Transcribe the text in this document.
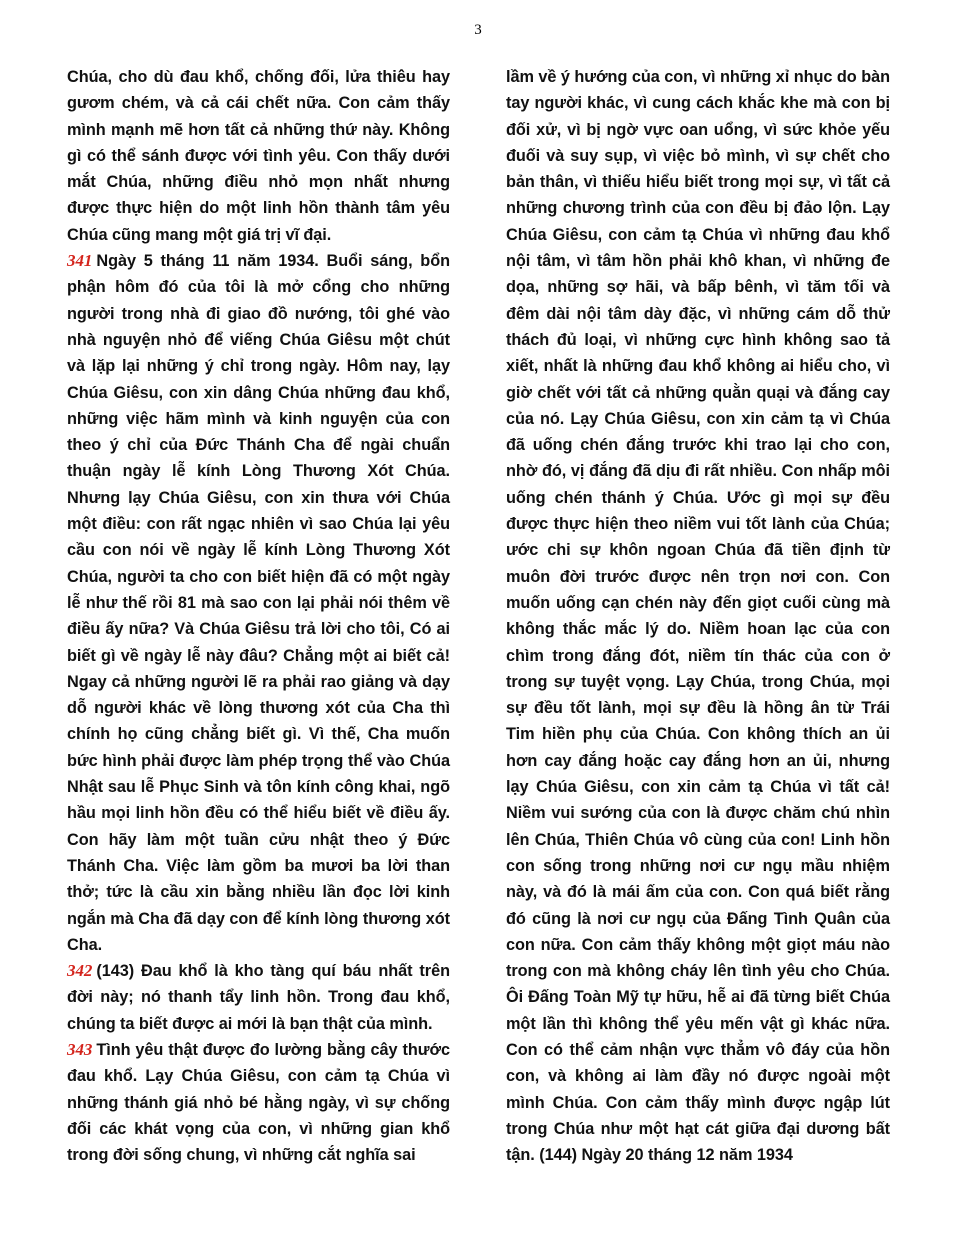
3

Chúa, cho dù đau khổ, chống đối, lửa thiêu hay gươm chém, và cả cái chết nữa. Con cảm thấy mình mạnh mẽ hơn tất cả những thứ này. Không gì có thể sánh được với tình yêu. Con thấy dưới mắt Chúa, những điều nhỏ mọn nhất nhưng được thực hiện do một linh hồn thành tâm yêu Chúa cũng mang một giá trị vĩ đại.

341 Ngày 5 tháng 11 năm 1934. Buổi sáng, bổn phận hôm đó của tôi là mở cổng cho những người trong nhà đi giao đồ nướng, tôi ghé vào nhà nguyện nhỏ để viếng Chúa Giêsu một chút và lặp lại những ý chỉ trong ngày. Hôm nay, lạy Chúa Giêsu, con xin dâng Chúa những đau khổ, những việc hãm mình và kinh nguyện của con theo ý chỉ của Đức Thánh Cha để ngài chuẩn thuận ngày lễ kính Lòng Thương Xót Chúa. Nhưng lạy Chúa Giêsu, con xin thưa với Chúa một điều: con rất ngạc nhiên vì sao Chúa lại yêu cầu con nói về ngày lễ kính Lòng Thương Xót Chúa, người ta cho con biết hiện đã có một ngày lễ như thế rồi 81 mà sao con lại phải nói thêm về điều ấy nữa? Và Chúa Giêsu trả lời cho tôi, Có ai biết gì về ngày lễ này đâu? Chẳng một ai biết cả! Ngay cả những người lẽ ra phải rao giảng và dạy dỗ người khác về lòng thương xót của Cha thì chính họ cũng chẳng biết gì. Vì thế, Cha muốn bức hình phải được làm phép trọng thể vào Chúa Nhật sau lễ Phục Sinh và tôn kính công khai, ngõ hầu mọi linh hồn đều có thể hiểu biết về điều ấy. Con hãy làm một tuần cửu nhật theo ý Đức Thánh Cha. Việc làm gồm ba mươi ba lời than thở; tức là cầu xin bằng nhiều lần đọc lời kinh ngắn mà Cha đã dạy con để kính lòng thương xót Cha.

342 (143) Đau khổ là kho tàng quí báu nhất trên đời này; nó thanh tẩy linh hồn. Trong đau khổ, chúng ta biết được ai mới là bạn thật của mình.

343 Tình yêu thật được đo lường bằng cây thước đau khổ. Lạy Chúa Giêsu, con cảm tạ Chúa vì những thánh giá nhỏ bé hằng ngày, vì sự chống đối các khát vọng của con, vì những gian khổ trong đời sống chung, vì những cắt nghĩa sai

lầm về ý hướng của con, vì những xỉ nhục do bàn tay người khác, vì cung cách khắc khe mà con bị đối xử, vì bị ngờ vực oan uổng, vì sức khỏe yếu đuối và suy sụp, vì việc bỏ mình, vì sự chết cho bản thân, vì thiếu hiểu biết trong mọi sự, vì tất cả những chương trình của con đều bị đảo lộn. Lạy Chúa Giêsu, con cảm tạ Chúa vì những đau khổ nội tâm, vì tâm hồn phải khô khan, vì những đe dọa, những sợ hãi, và bấp bênh, vì tăm tối và đêm dài nội tâm dày đặc, vì những cám dỗ thử thách đủ loại, vì những cực hình không sao tả xiết, nhất là những đau khổ không ai hiểu cho, vì giờ chết với tất cả những quằn quại và đắng cay của nó. Lạy Chúa Giêsu, con xin cảm tạ vì Chúa đã uống chén đắng trước khi trao lại cho con, nhờ đó, vị đắng đã dịu đi rất nhiều. Con nhấp môi uống chén thánh ý Chúa. Ước gì mọi sự đều được thực hiện theo niềm vui tốt lành của Chúa; ước chi sự khôn ngoan Chúa đã tiền định từ muôn đời trước được nên trọn nơi con. Con muốn uống cạn chén này đến giọt cuối cùng mà không thắc mắc lý do. Niềm hoan lạc của con chìm trong đắng đót, niềm tín thác của con ở trong sự tuyệt vọng. Lạy Chúa, trong Chúa, mọi sự đều tốt lành, mọi sự đều là hồng ân từ Trái Tim hiền phụ của Chúa. Con không thích an ủi hơn cay đắng hoặc cay đắng hơn an ủi, nhưng lạy Chúa Giêsu, con xin cảm tạ Chúa vì tất cả! Niềm vui sướng của con là được chăm chú nhìn lên Chúa, Thiên Chúa vô cùng của con! Linh hồn con sống trong những nơi cư ngụ mầu nhiệm này, và đó là mái ấm của con. Con quá biết rằng đó cũng là nơi cư ngụ của Đấng Tình Quân của con nữa. Con cảm thấy không một giọt máu nào trong con mà không cháy lên tình yêu cho Chúa. Ôi Đấng Toàn Mỹ tự hữu, hễ ai đã từng biết Chúa một lần thì không thể yêu mến vật gì khác nữa. Con có thể cảm nhận vực thẳm vô đáy của hồn con, và không ai làm đầy nó được ngoài một mình Chúa. Con cảm thấy mình được ngập lút trong Chúa như một hạt cát giữa đại dương bất tận. (144) Ngày 20 tháng 12 năm 1934
